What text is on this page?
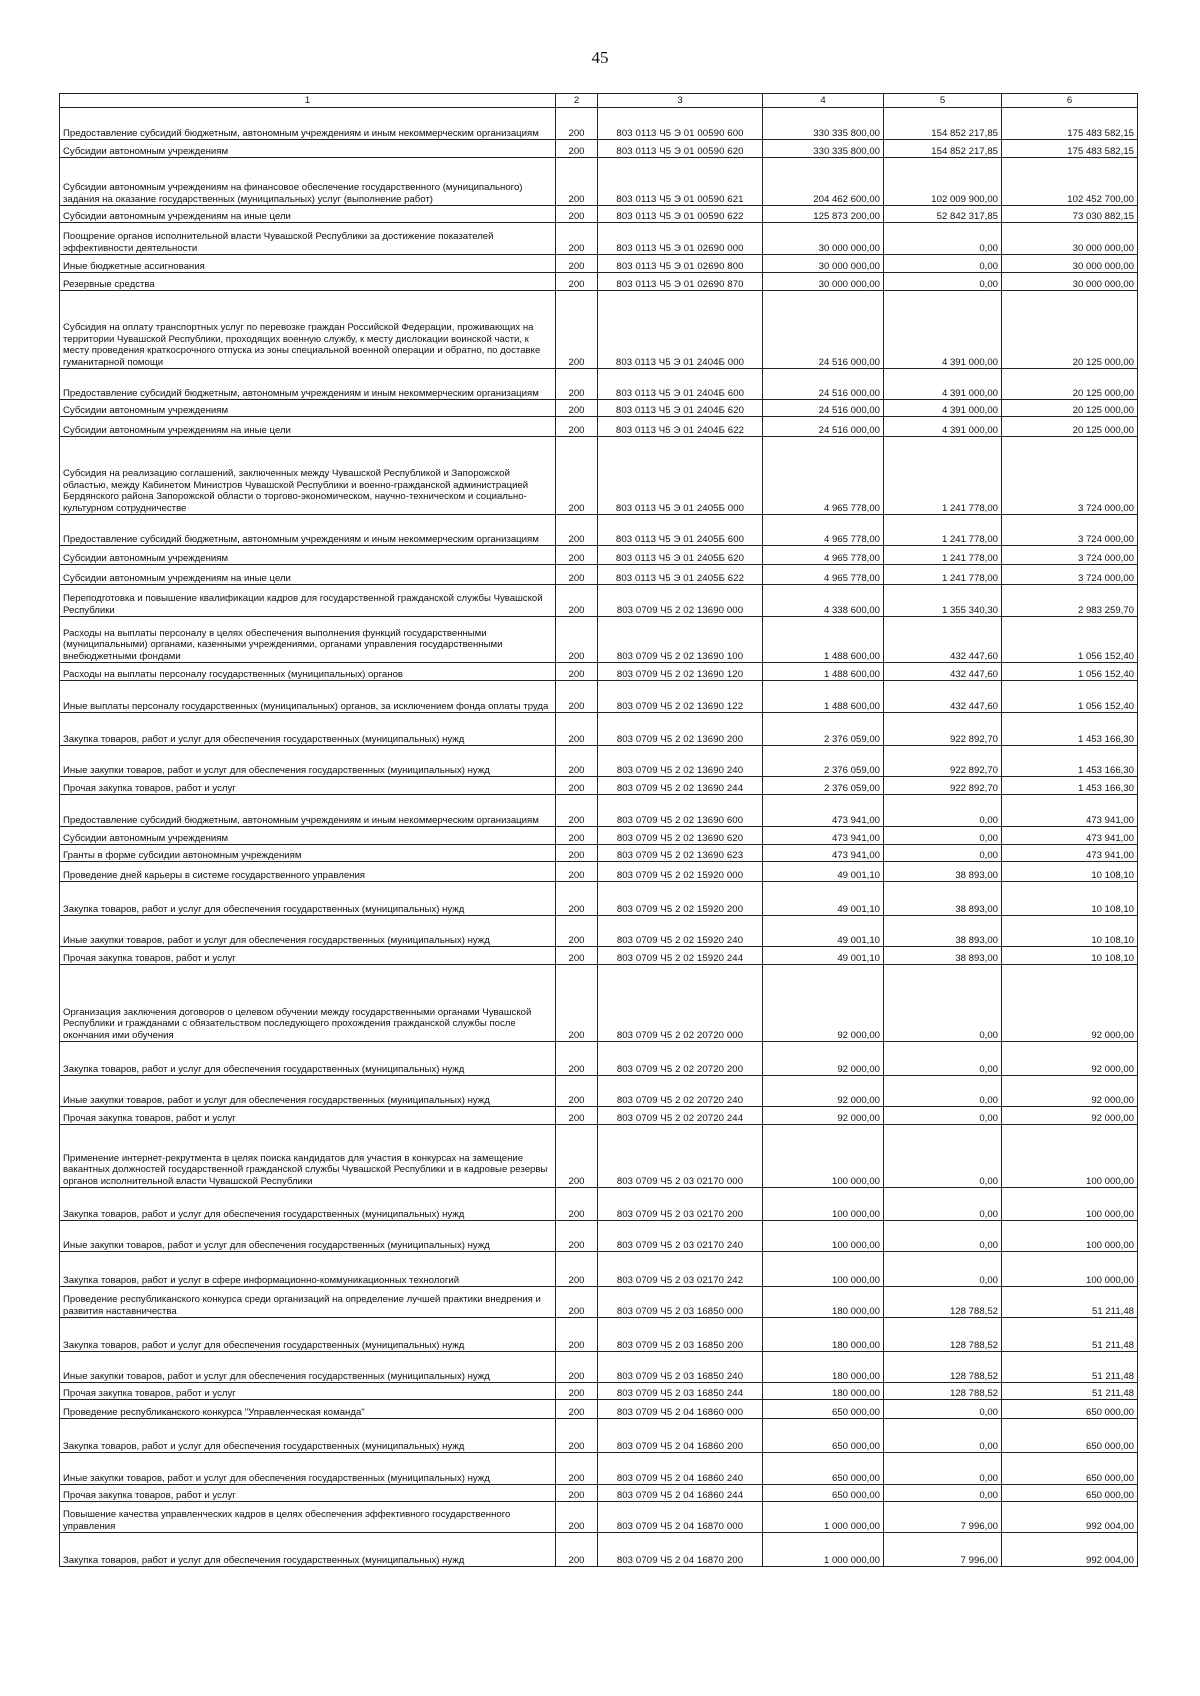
45
1	2	3	4	5	6
Предоставление субсидий бюджетным, автономным учреждениям и иным некоммерческим организациям	200	803 0113 Ч5 Э 01 00590 600	330 335 800,00	154 852 217,85	175 483 582,15
Субсидии автономным учреждениям	200	803 0113 Ч5 Э 01 00590 620	330 335 800,00	154 852 217,85	175 483 582,15
Субсидии автономным учреждениям на финансовое обеспечение государственного (муниципального) задания на оказание государственных (муниципальных) услуг (выполнение работ)	200	803 0113 Ч5 Э 01 00590 621	204 462 600,00	102 009 900,00	102 452 700,00
Субсидии автономным учреждениям на иные цели	200	803 0113 Ч5 Э 01 00590 622	125 873 200,00	52 842 317,85	73 030 882,15
Поощрение органов исполнительной власти Чувашской Республики за достижение показателей эффективности деятельности	200	803 0113 Ч5 Э 01 02690 000	30 000 000,00	0,00	30 000 000,00
Иные бюджетные ассигнования	200	803 0113 Ч5 Э 01 02690 800	30 000 000,00	0,00	30 000 000,00
Резервные средства	200	803 0113 Ч5 Э 01 02690 870	30 000 000,00	0,00	30 000 000,00
Субсидия на оплату транспортных услуг по перевозке граждан Российской Федерации, проживающих на территории Чувашской Республики, проходящих военную службу, к месту дислокации воинской части, к месту проведения краткосрочного отпуска из зоны специальной военной операции и обратно, по доставке гуманитарной помощи	200	803 0113 Ч5 Э 01 2404Б 000	24 516 000,00	4 391 000,00	20 125 000,00
Предоставление субсидий бюджетным, автономным учреждениям и иным некоммерческим организациям	200	803 0113 Ч5 Э 01 2404Б 600	24 516 000,00	4 391 000,00	20 125 000,00
Субсидии автономным учреждениям	200	803 0113 Ч5 Э 01 2404Б 620	24 516 000,00	4 391 000,00	20 125 000,00
Субсидии автономным учреждениям на иные цели	200	803 0113 Ч5 Э 01 2404Б 622	24 516 000,00	4 391 000,00	20 125 000,00
Субсидия на реализацию соглашений, заключенных между Чувашской Республикой и Запорожской областью, между Кабинетом Министров Чувашской Республики и военно-гражданской администрацией Бердянского района Запорожской области о торгово-экономическом, научно-техническом и социально-культурном сотрудничестве	200	803 0113 Ч5 Э 01 2405Б 000	4 965 778,00	1 241 778,00	3 724 000,00
Предоставление субсидий бюджетным, автономным учреждениям и иным некоммерческим организациям	200	803 0113 Ч5 Э 01 2405Б 600	4 965 778,00	1 241 778,00	3 724 000,00
Субсидии автономным учреждениям	200	803 0113 Ч5 Э 01 2405Б 620	4 965 778,00	1 241 778,00	3 724 000,00
Субсидии автономным учреждениям на иные цели	200	803 0113 Ч5 Э 01 2405Б 622	4 965 778,00	1 241 778,00	3 724 000,00
Переподготовка и повышение квалификации кадров для государственной гражданской службы Чувашской Республики	200	803 0709 Ч5 2 02 13690 000	4 338 600,00	1 355 340,30	2 983 259,70
Расходы на выплаты персоналу в целях обеспечения выполнения функций государственными (муниципальными) органами, казенными учреждениями, органами управления государственными внебюджетными фондами	200	803 0709 Ч5 2 02 13690 100	1 488 600,00	432 447,60	1 056 152,40
Расходы на выплаты персоналу государственных (муниципальных) органов	200	803 0709 Ч5 2 02 13690 120	1 488 600,00	432 447,60	1 056 152,40
Иные выплаты персоналу государственных (муниципальных) органов, за исключением фонда оплаты труда	200	803 0709 Ч5 2 02 13690 122	1 488 600,00	432 447,60	1 056 152,40
Закупка товаров, работ и услуг для обеспечения государственных (муниципальных) нужд	200	803 0709 Ч5 2 02 13690 200	2 376 059,00	922 892,70	1 453 166,30
Иные закупки товаров, работ и услуг для обеспечения государственных (муниципальных) нужд	200	803 0709 Ч5 2 02 13690 240	2 376 059,00	922 892,70	1 453 166,30
Прочая закупка товаров, работ и услуг	200	803 0709 Ч5 2 02 13690 244	2 376 059,00	922 892,70	1 453 166,30
Предоставление субсидий бюджетным, автономным учреждениям и иным некоммерческим организациям	200	803 0709 Ч5 2 02 13690 600	473 941,00	0,00	473 941,00
Субсидии автономным учреждениям	200	803 0709 Ч5 2 02 13690 620	473 941,00	0,00	473 941,00
Гранты в форме субсидии автономным учреждениям	200	803 0709 Ч5 2 02 13690 623	473 941,00	0,00	473 941,00
Проведение дней карьеры в системе государственного управления	200	803 0709 Ч5 2 02 15920 000	49 001,10	38 893,00	10 108,10
Закупка товаров, работ и услуг для обеспечения государственных (муниципальных) нужд	200	803 0709 Ч5 2 02 15920 200	49 001,10	38 893,00	10 108,10
Иные закупки товаров, работ и услуг для обеспечения государственных (муниципальных) нужд	200	803 0709 Ч5 2 02 15920 240	49 001,10	38 893,00	10 108,10
Прочая закупка товаров, работ и услуг	200	803 0709 Ч5 2 02 15920 244	49 001,10	38 893,00	10 108,10
Организация заключения договоров о целевом обучении между государственными органами Чувашской Республики и гражданами с обязательством последующего прохождения гражданской службы после окончания ими обучения	200	803 0709 Ч5 2 02 20720 000	92 000,00	0,00	92 000,00
Закупка товаров, работ и услуг для обеспечения государственных (муниципальных) нужд	200	803 0709 Ч5 2 02 20720 200	92 000,00	0,00	92 000,00
Иные закупки товаров, работ и услуг для обеспечения государственных (муниципальных) нужд	200	803 0709 Ч5 2 02 20720 240	92 000,00	0,00	92 000,00
Прочая закупка товаров, работ и услуг	200	803 0709 Ч5 2 02 20720 244	92 000,00	0,00	92 000,00
Применение интернет-рекрутмента в целях поиска кандидатов для участия в конкурсах на замещение вакантных должностей государственной гражданской службы Чувашской Республики и в кадровые резервы органов исполнительной власти Чувашской Республики	200	803 0709 Ч5 2 03 02170 000	100 000,00	0,00	100 000,00
Закупка товаров, работ и услуг для обеспечения государственных (муниципальных) нужд	200	803 0709 Ч5 2 03 02170 200	100 000,00	0,00	100 000,00
Иные закупки товаров, работ и услуг для обеспечения государственных (муниципальных) нужд	200	803 0709 Ч5 2 03 02170 240	100 000,00	0,00	100 000,00
Закупка товаров, работ и услуг в сфере информационно-коммуникационных технологий	200	803 0709 Ч5 2 03 02170 242	100 000,00	0,00	100 000,00
Проведение республиканского конкурса среди организаций на определение лучшей практики внедрения и развития наставничества	200	803 0709 Ч5 2 03 16850 000	180 000,00	128 788,52	51 211,48
Закупка товаров, работ и услуг для обеспечения государственных (муниципальных) нужд	200	803 0709 Ч5 2 03 16850 200	180 000,00	128 788,52	51 211,48
Иные закупки товаров, работ и услуг для обеспечения государственных (муниципальных) нужд	200	803 0709 Ч5 2 03 16850 240	180 000,00	128 788,52	51 211,48
Прочая закупка товаров, работ и услуг	200	803 0709 Ч5 2 03 16850 244	180 000,00	128 788,52	51 211,48
Проведение республиканского конкурса "Управленческая команда"	200	803 0709 Ч5 2 04 16860 000	650 000,00	0,00	650 000,00
Закупка товаров, работ и услуг для обеспечения государственных (муниципальных) нужд	200	803 0709 Ч5 2 04 16860 200	650 000,00	0,00	650 000,00
Иные закупки товаров, работ и услуг для обеспечения государственных (муниципальных) нужд	200	803 0709 Ч5 2 04 16860 240	650 000,00	0,00	650 000,00
Прочая закупка товаров, работ и услуг	200	803 0709 Ч5 2 04 16860 244	650 000,00	0,00	650 000,00
Повышение качества управленческих кадров в целях обеспечения эффективного государственного управления	200	803 0709 Ч5 2 04 16870 000	1 000 000,00	7 996,00	992 004,00
Закупка товаров, работ и услуг для обеспечения государственных (муниципальных) нужд	200	803 0709 Ч5 2 04 16870 200	1 000 000,00	7 996,00	992 004,00
